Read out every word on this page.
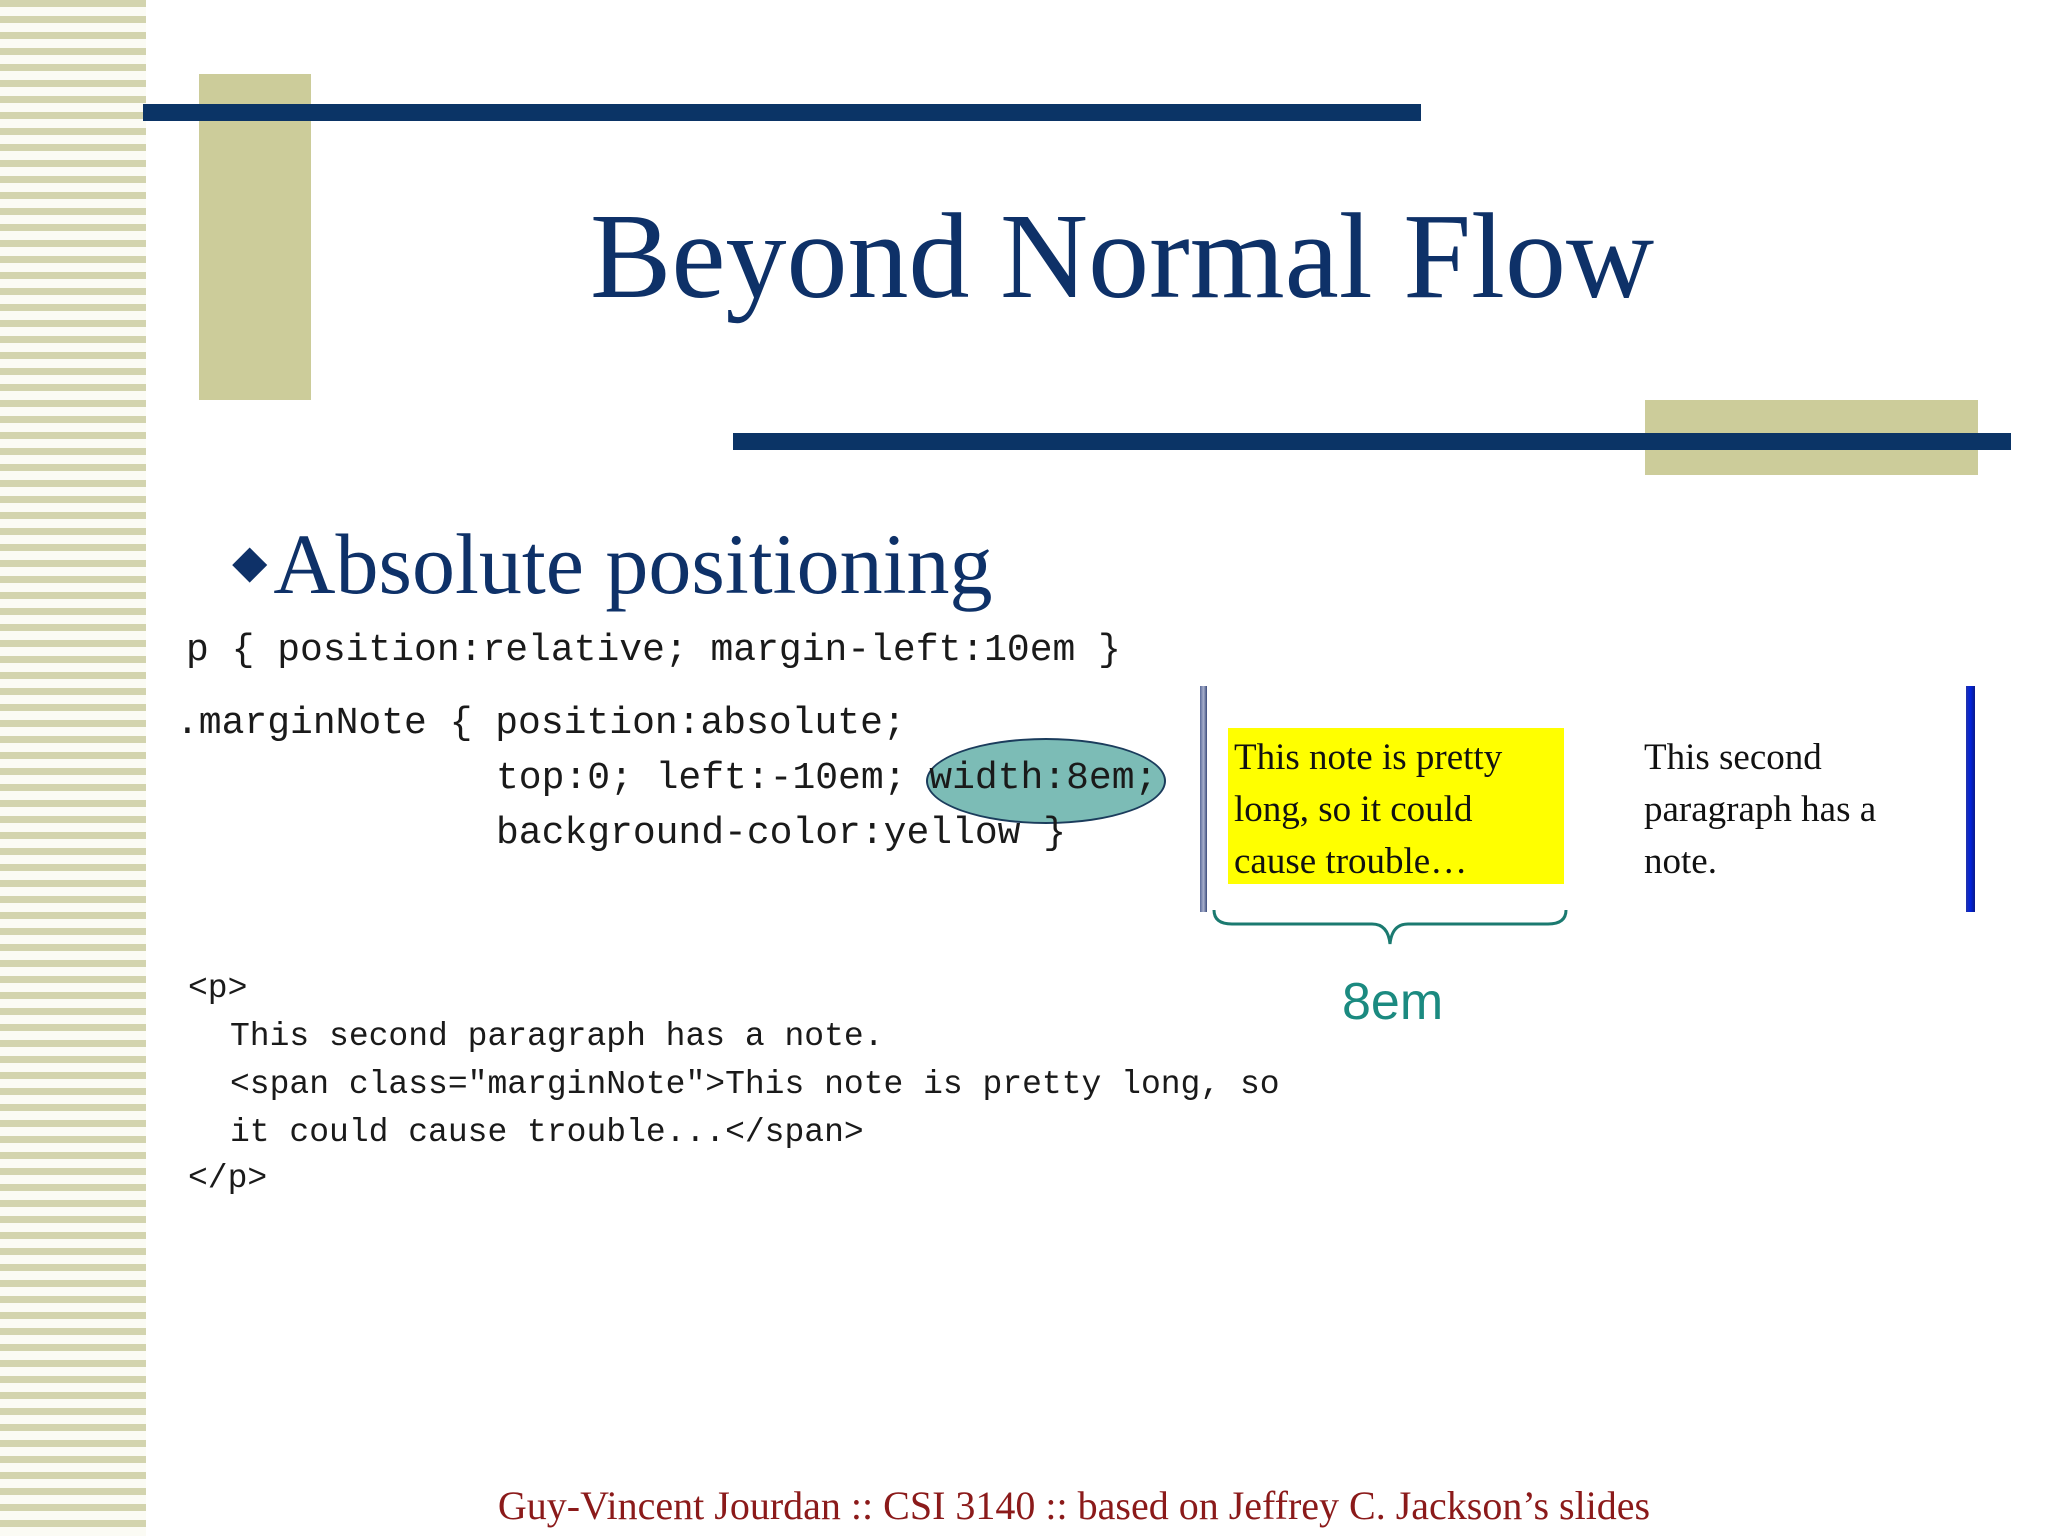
Beyond Normal Flow
◆Absolute positioning
p { position:relative; margin-left:10em }
.marginNote { position:absolute;
top:0; left:-10em; width:8em;
background-color:yellow }
This note is pretty long, so it could cause trouble…
This second paragraph has a note.
8em
<p>
This second paragraph has a note.
<span class="marginNote">This note is pretty long, so
it could cause trouble...</span>
</p>
Guy-Vincent Jourdan :: CSI 3140 :: based on Jeffrey C. Jackson’s slides
